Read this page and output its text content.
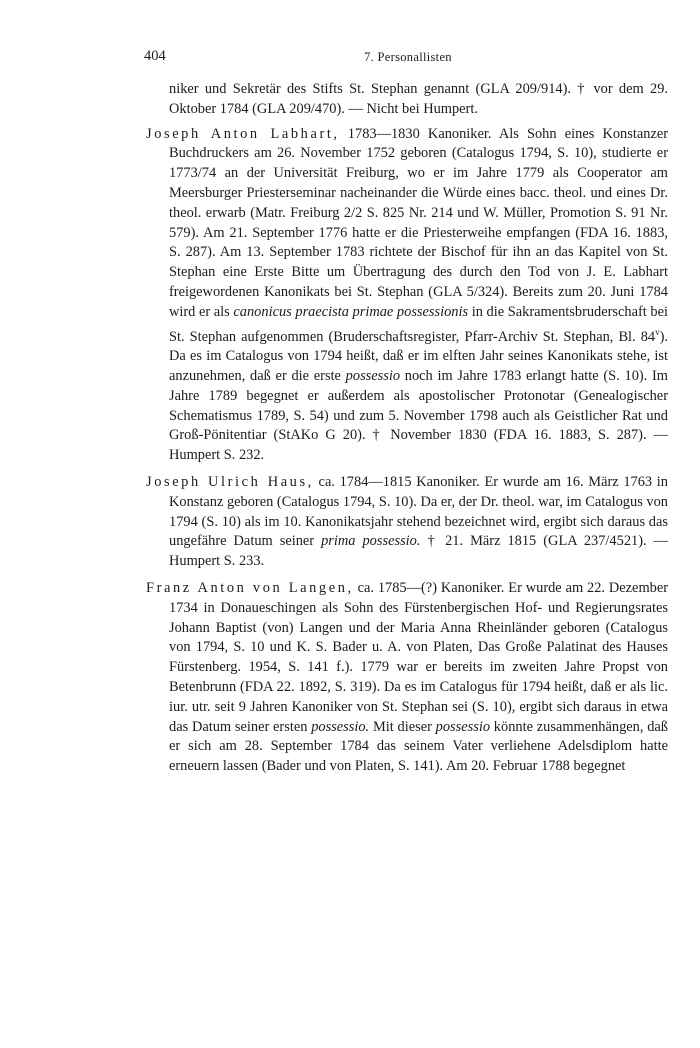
404	7. Personallisten

niker und Sekretär des Stifts St. Stephan genannt (GLA 209/914). † vor dem 29. Oktober 1784 (GLA 209/470). — Nicht bei Humpert.

Joseph Anton Labhart, 1783—1830 Kanoniker. Als Sohn eines Konstanzer Buchdruckers am 26. November 1752 geboren (Catalogus 1794, S. 10), studierte er 1773/74 an der Universität Freiburg, wo er im Jahre 1779 als Cooperator am Meersburger Priesterseminar nacheinander die Würde eines bacc. theol. und eines Dr. theol. erwarb (Matr. Freiburg 2/2 S. 825 Nr. 214 und W. Müller, Promotion S. 91 Nr. 579). Am 21. September 1776 hatte er die Priesterweihe empfangen (FDA 16. 1883, S. 287). Am 13. September 1783 richtete der Bischof für ihn an das Kapitel von St. Stephan eine Erste Bitte um Übertragung des durch den Tod von J. E. Labhart freigewordenen Kanonikats bei St. Stephan (GLA 5/324). Bereits zum 20. Juni 1784 wird er als canonicus praecista primae possessionis in die Sakramentsbruderschaft bei St. Stephan aufgenommen (Bruderschaftsregister, Pfarr-Archiv St. Stephan, Bl. 84$^v$). Da es im Catalogus von 1794 heißt, daß er im elften Jahr seines Kanonikats stehe, ist anzunehmen, daß er die erste possessio noch im Jahre 1783 erlangt hatte (S. 10). Im Jahre 1789 begegnet er außerdem als apostolischer Protonotar (Genealogischer Schematismus 1789, S. 54) und zum 5. November 1798 auch als Geistlicher Rat und Groß-Pönitentiar (StAKo G 20). † November 1830 (FDA 16. 1883, S. 287). — Humpert S. 232.

Joseph Ulrich Haus, ca. 1784—1815 Kanoniker. Er wurde am 16. März 1763 in Konstanz geboren (Catalogus 1794, S. 10). Da er, der Dr. theol. war, im Catalogus von 1794 (S. 10) als im 10. Kanonikatsjahr stehend bezeichnet wird, ergibt sich daraus das ungefähre Datum seiner prima possessio. † 21. März 1815 (GLA 237/4521). — Humpert S. 233.

Franz Anton von Langen, ca. 1785—(?) Kanoniker. Er wurde am 22. Dezember 1734 in Donaueschingen als Sohn des Fürstenbergischen Hof- und Regierungsrates Johann Baptist (von) Langen und der Maria Anna Rheinländer geboren (Catalogus von 1794, S. 10 und K. S. Bader u. A. von Platen, Das Große Palatinat des Hauses Fürstenberg. 1954, S. 141 f.). 1779 war er bereits im zweiten Jahre Propst von Betenbrunn (FDA 22. 1892, S. 319). Da es im Catalogus für 1794 heißt, daß er als lic. iur. utr. seit 9 Jahren Kanoniker von St. Stephan sei (S. 10), ergibt sich daraus in etwa das Datum seiner ersten possessio. Mit dieser possessio könnte zusammenhängen, daß er sich am 28. September 1784 das seinem Vater verliehene Adelsdiplom hatte erneuern lassen (Bader und von Platen, S. 141). Am 20. Februar 1788 begegnet
